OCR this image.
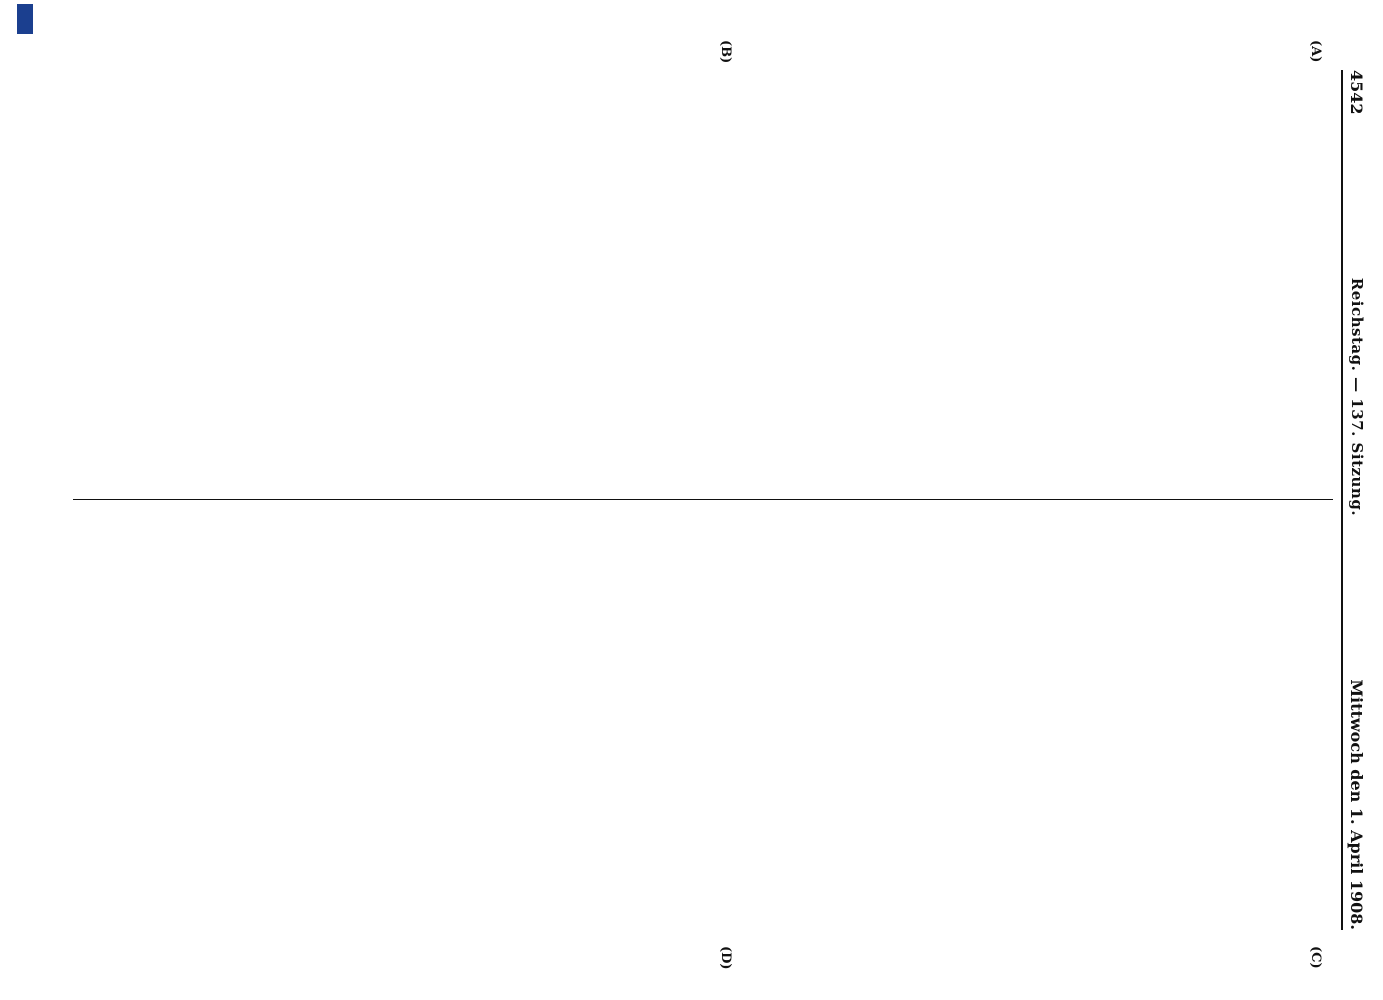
4542
Reichstag. — 137. Sitzung.
Mittwoch den 1. April 1908.
(A)
(B)
(C)
(D)
